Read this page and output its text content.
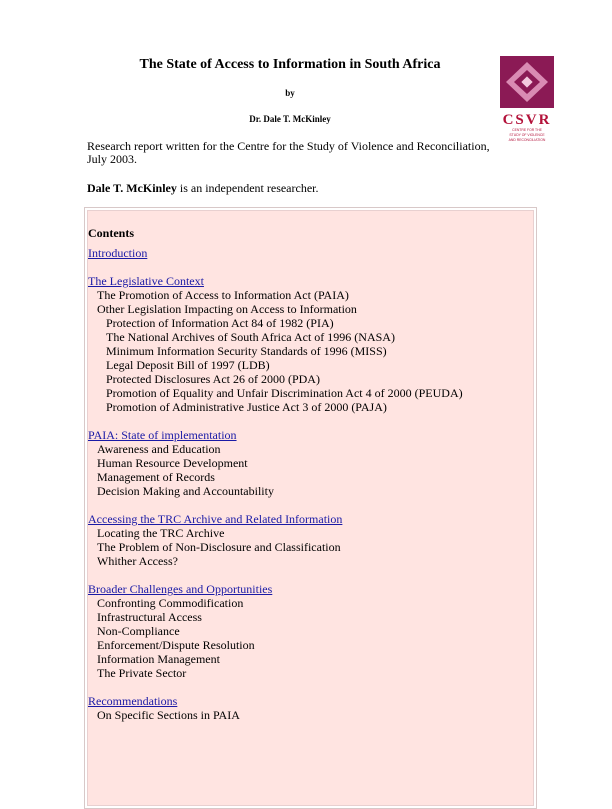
The State of Access to Information in South Africa
by
Dr. Dale T. McKinley	CSVR
CENTRE FOR THE
STUDY OF VIOLENCE
AND RECONCILIATION
Research report written for the Centre for the Study of Violence and Reconciliation, July 2003.
Dale T. McKinley is an independent researcher.
Contents
Introduction
The Legislative Context
The Promotion of Access to Information Act (PAIA)
Other Legislation Impacting on Access to Information
Protection of Information Act 84 of 1982 (PIA)
The National Archives of South Africa Act of 1996 (NASA)
Minimum Information Security Standards of 1996 (MISS)
Legal Deposit Bill of 1997 (LDB)
Protected Disclosures Act 26 of 2000 (PDA)
Promotion of Equality and Unfair Discrimination Act 4 of 2000 (PEUDA)
Promotion of Administrative Justice Act 3 of 2000 (PAJA)
PAIA: State of implementation
Awareness and Education
Human Resource Development
Management of Records
Decision Making and Accountability
Accessing the TRC Archive and Related Information
Locating the TRC Archive
The Problem of Non-Disclosure and Classification
Whither Access?
Broader Challenges and Opportunities
Confronting Commodification
Infrastructural Access
Non-Compliance
Enforcement/Dispute Resolution
Information Management
The Private Sector
Recommendations
On Specific Sections in PAIA
